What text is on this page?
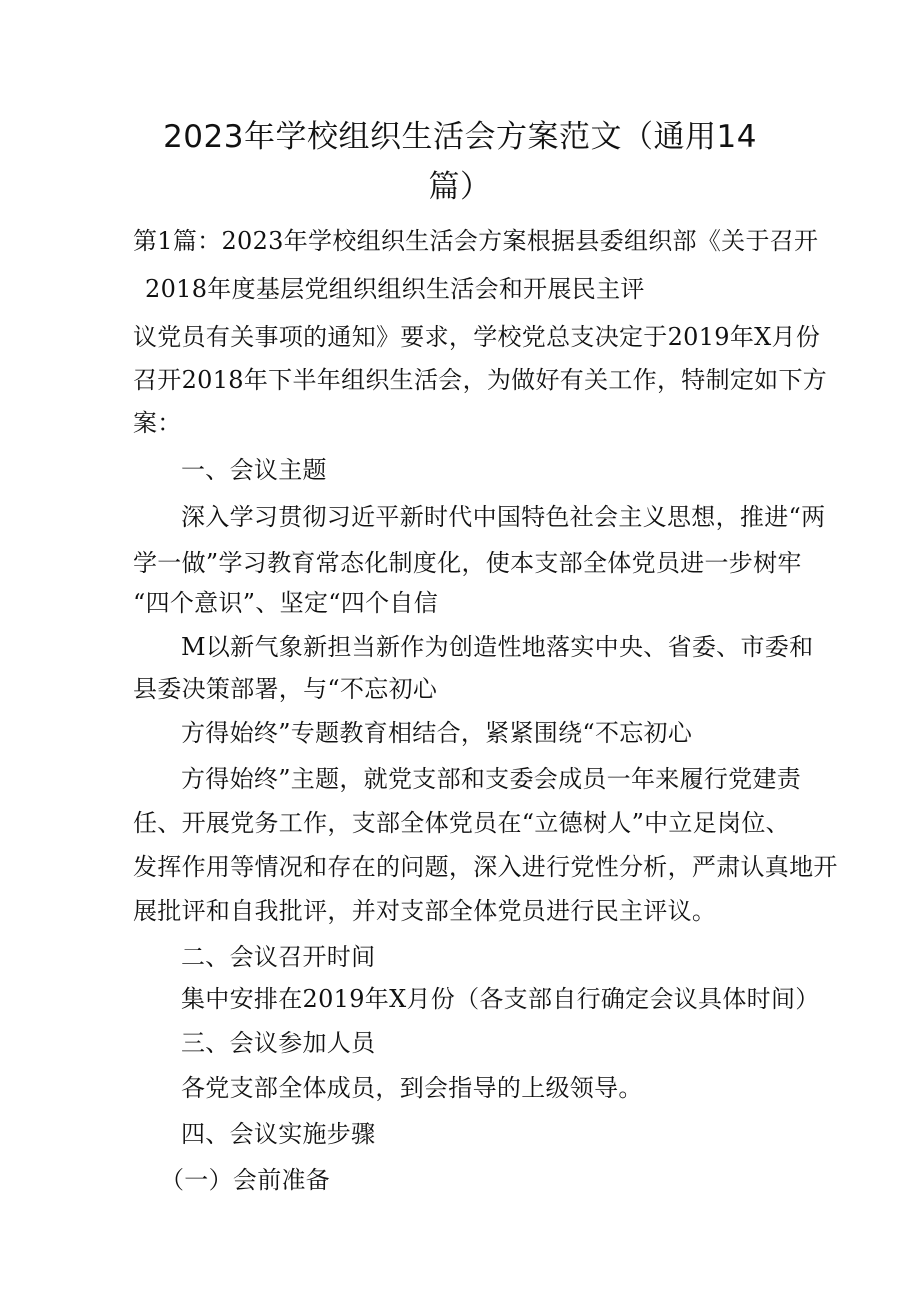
2023年学校组织生活会方案范文（通用14
篇）
第1篇：2023年学校组织生活会方案根据县委组织部《关于召开
2018年度基层党组织组织生活会和开展民主评
议党员有关事项的通知》要求，学校党总支决定于2019年X月份
召开2018年下半年组织生活会，为做好有关工作，特制定如下方
案：
一、会议主题
深入学习贯彻习近平新时代中国特色社会主义思想，推进“两
学一做”学习教育常态化制度化，使本支部全体党员进一步树牢
“四个意识”、坚定“四个自信
M以新气象新担当新作为创造性地落实中央、省委、市委和
县委决策部署，与“不忘初心
方得始终”专题教育相结合，紧紧围绕“不忘初心
方得始终”主题，就党支部和支委会成员一年来履行党建责
任、开展党务工作，支部全体党员在“立德树人”中立足岗位、
发挥作用等情况和存在的问题，深入进行党性分析，严肃认真地开
展批评和自我批评，并对支部全体党员进行民主评议。
二、会议召开时间
集中安排在2019年X月份（各支部自行确定会议具体时间）
三、会议参加人员
各党支部全体成员，到会指导的上级领导。
四、会议实施步骤
（一）会前准备
